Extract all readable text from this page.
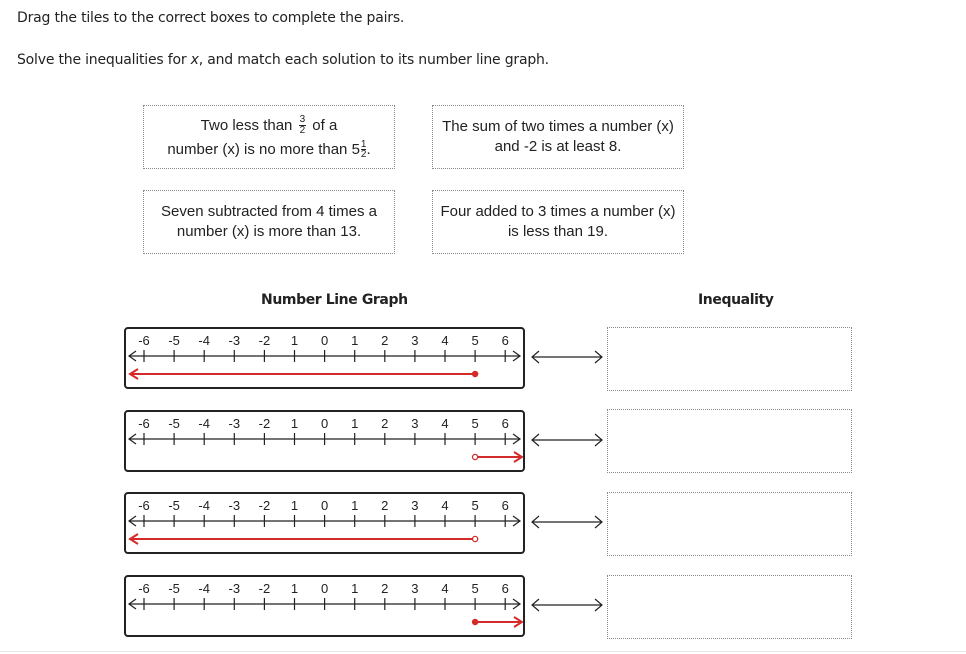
Drag the tiles to the correct boxes to complete the pairs.
Solve the inequalities for x, and match each solution to its number line graph.
Two less than $\frac{3}{2}$ of a
number (x) is no more than $5 \frac{1}{2}$ .
The sum of two times a number (x)
and -2 is at least 8.
Seven subtracted from 4 times a
number (x) is more than 13.
Four added to 3 times a number (x)
is less than 19.
Number Line Graph	Inequality
-6 -5 -4 -3 -2 1 0 1 2 3 4 5 6
-6 -5 -4 -3 -2 1 0 1 2 3 4 5 6
-6 -5 -4 -3 -2 1 0 1 2 3 4 5 6
-6 -5 -4 -3 -2 1 0 1 2 3 4 5 6
